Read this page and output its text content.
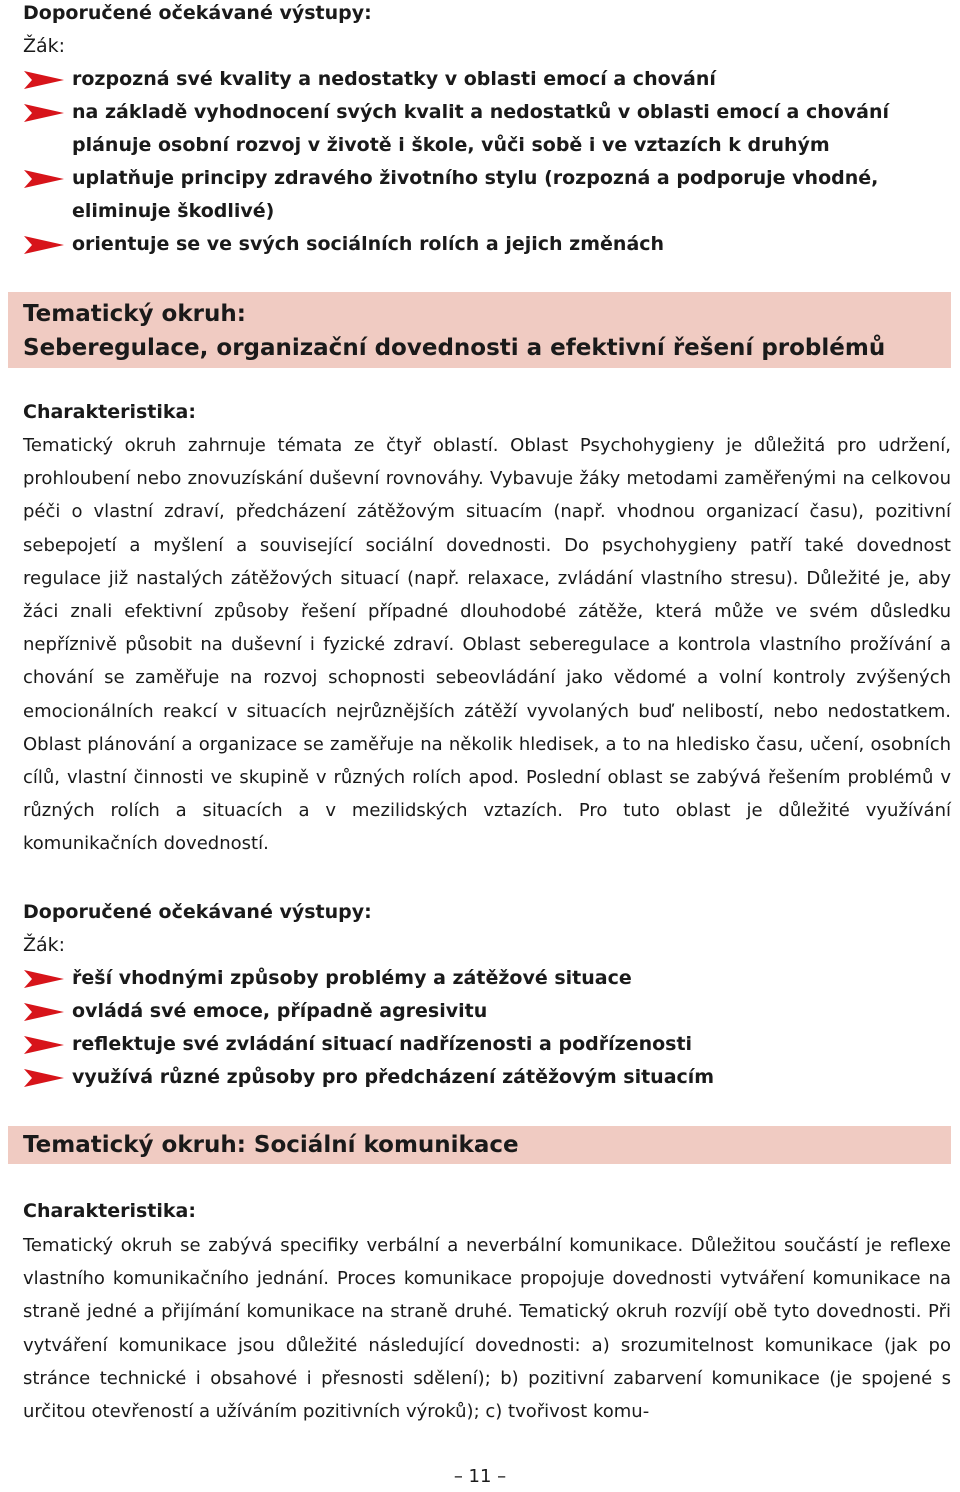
Doporučené očekávané výstupy:
Žák:
rozpozná své kvality a nedostatky v oblasti emocí a chování
na základě vyhodnocení svých kvalit a nedostatků v oblasti emocí a chování plánuje osobní rozvoj v životě i škole, vůči sobě i ve vztazích k druhým
uplatňuje principy zdravého životního stylu (rozpozná a podporuje vhodné, eliminuje škodlivé)
orientuje se ve svých sociálních rolích a jejich změnách
Tematický okruh:
Seberegulace, organizační dovednosti a efektivní řešení problémů
Charakteristika:
Tematický okruh zahrnuje témata ze čtyř oblastí. Oblast Psychohygieny je důležitá pro udržení, prohloubení nebo znovuzískání duševní rovnováhy. Vybavuje žáky metodami zaměřenými na celkovou péči o vlastní zdraví, předcházení zátěžovým situacím (např. vhodnou organizací času), pozitivní sebepojetí a myšlení a související sociální dovednosti. Do psychohygieny patří také dovednost regulace již nastalých zátěžových situací (např. relaxace, zvládání vlastního stresu). Důležité je, aby žáci znali efektivní způsoby řešení případné dlouhodobé zátěže, která může ve svém důsledku nepříznivě působit na duševní i fyzické zdraví. Oblast seberegulace a kontrola vlastního prožívání a chování se zaměřuje na rozvoj schopnosti sebeovládání jako vědomé a volní kontroly zvýšených emocionálních reakcí v situacích nejrůznějších zátěží vyvolaných buď nelibostí, nebo nedostatkem. Oblast plánování a organizace se zaměřuje na několik hledisek, a to na hledisko času, učení, osobních cílů, vlastní činnosti ve skupině v různých rolích apod. Poslední oblast se zabývá řešením problémů v různých rolích a situacích a v mezilidských vztazích. Pro tuto oblast je důležité využívání komunikačních dovedností.
Doporučené očekávané výstupy:
Žák:
řeší vhodnými způsoby problémy a zátěžové situace
ovládá své emoce, případně agresivitu
reflektuje své zvládání situací nadřízenosti a podřízenosti
využívá různé způsoby pro předcházení zátěžovým situacím
Tematický okruh: Sociální komunikace
Charakteristika:
Tematický okruh se zabývá specifiky verbální a neverbální komunikace. Důležitou součástí je reflexe vlastního komunikačního jednání. Proces komunikace propojuje dovednosti vytváření komunikace na straně jedné a přijímání komunikace na straně druhé. Tematický okruh rozvíjí obě tyto dovednosti. Při vytváření komunikace jsou důležité následující dovednosti: a) srozumitelnost komunikace (jak po stránce technické i obsahové i přesnosti sdělení); b) pozitivní zabarvení komunikace (je spojené s určitou otevřeností a užíváním pozitivních výroků); c) tvořivost komu-
– 11 –
